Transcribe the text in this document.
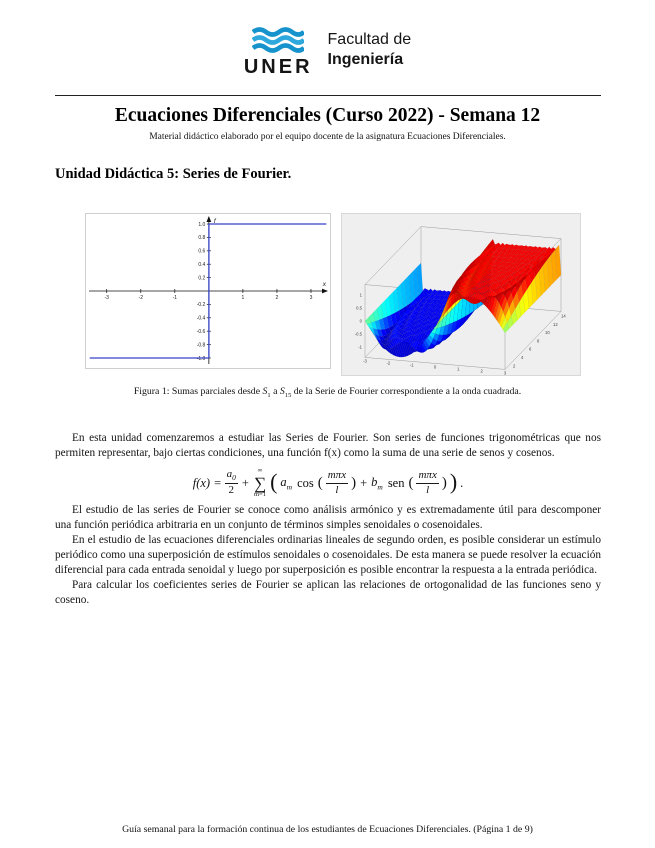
UNER
Facultad de
Ingeniería
Ecuaciones Diferenciales (Curso 2022) - Semana 12
Material didáctico elaborado por el equipo docente de la asignatura Ecuaciones Diferenciales.
Unidad Didáctica 5: Series de Fourier.
-3	-2	-1	1	2	3
1.0
0.8
0.6
0.4
0.2
-0.2
-0.4
-0.6
-0.8
-1.0
f
x
-1
-0.5
0
0.5
1
-3	-2	-1	0	1	2	3
2
4
6
8
10
12
14
Figura 1: Sumas parciales desde $S_1$ a $S_{15}$ de la Serie de Fourier correspondiente a la onda cuadrada.

En esta unidad comenzaremos a estudiar las Series de Fourier. Son series de funciones trigonométricas que nos permiten representar, bajo ciertas condiciones, una función f(x) como la suma de una serie de senos y cosenos.

$f(x) = \frac{a_0}{2}$ +
∞
∑
m=1 ( $a_m$ cos ( $\frac{\text{mπx}}{l}$ ) + $b_m$ sen ( $\frac{\text{mπx}}{l}$ ) ) .

El estudio de las series de Fourier se conoce como análisis armónico y es extremadamente útil para descomponer una función periódica arbitraria en un conjunto de términos simples senoidales o cosenoidales.

En el estudio de las ecuaciones diferenciales ordinarias lineales de segundo orden, es posible considerar un estímulo periódico como una superposición de estímulos senoidales o cosenoidales. De esta manera se puede resolver la ecuación diferencial para cada entrada senoidal y luego por superposición es posible encontrar la respuesta a la entrada periódica.

Para calcular los coeficientes series de Fourier se aplican las relaciones de ortogonalidad de las funciones seno y coseno.

Guía semanal para la formación continua de los estudiantes de Ecuaciones Diferenciales. (Página 1 de 9)
